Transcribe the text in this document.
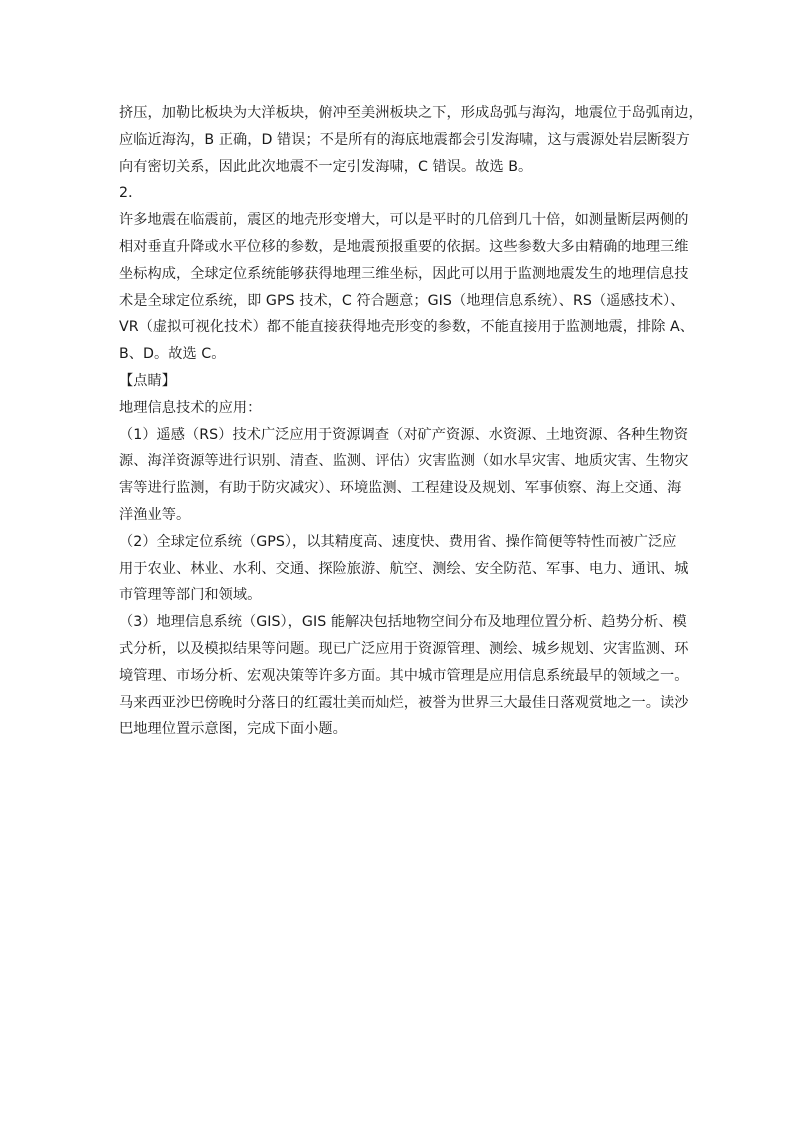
挤压，加勒比板块为大洋板块，俯冲至美洲板块之下，形成岛弧与海沟，地震位于岛弧南边，
应临近海沟，B 正确，D 错误；不是所有的海底地震都会引发海啸，这与震源处岩层断裂方
向有密切关系，因此此次地震不一定引发海啸，C 错误。故选 B。
2．
许多地震在临震前，震区的地壳形变增大，可以是平时的几倍到几十倍，如测量断层两侧的
相对垂直升降或水平位移的参数，是地震预报重要的依据。这些参数大多由精确的地理三维
坐标构成，全球定位系统能够获得地理三维坐标，因此可以用于监测地震发生的地理信息技
术是全球定位系统，即 GPS 技术，C 符合题意；GIS（地理信息系统）、RS（遥感技术）、
VR（虚拟可视化技术）都不能直接获得地壳形变的参数，不能直接用于监测地震，排除 A、
B、D。故选 C。
【点睛】
地理信息技术的应用：
（1）遥感（RS）技术广泛应用于资源调查（对矿产资源、水资源、土地资源、各种生物资
源、海洋资源等进行识别、清查、监测、评估）灾害监测（如水旱灾害、地质灾害、生物灾
害等进行监测，有助于防灾减灾）、环境监测、工程建设及规划、军事侦察、海上交通、海
洋渔业等。
（2）全球定位系统（GPS），以其精度高、速度快、费用省、操作简便等特性而被广泛应
用于农业、林业、水利、交通、探险旅游、航空、测绘、安全防范、军事、电力、通讯、城
市管理等部门和领域。
（3）地理信息系统（GIS），GIS 能解决包括地物空间分布及地理位置分析、趋势分析、模
式分析，以及模拟结果等问题。现已广泛应用于资源管理、测绘、城乡规划、灾害监测、环
境管理、市场分析、宏观决策等许多方面。其中城市管理是应用信息系统最早的领域之一。
马来西亚沙巴傍晚时分落日的红霞壮美而灿烂，被誉为世界三大最佳日落观赏地之一。读沙
巴地理位置示意图，完成下面小题。
